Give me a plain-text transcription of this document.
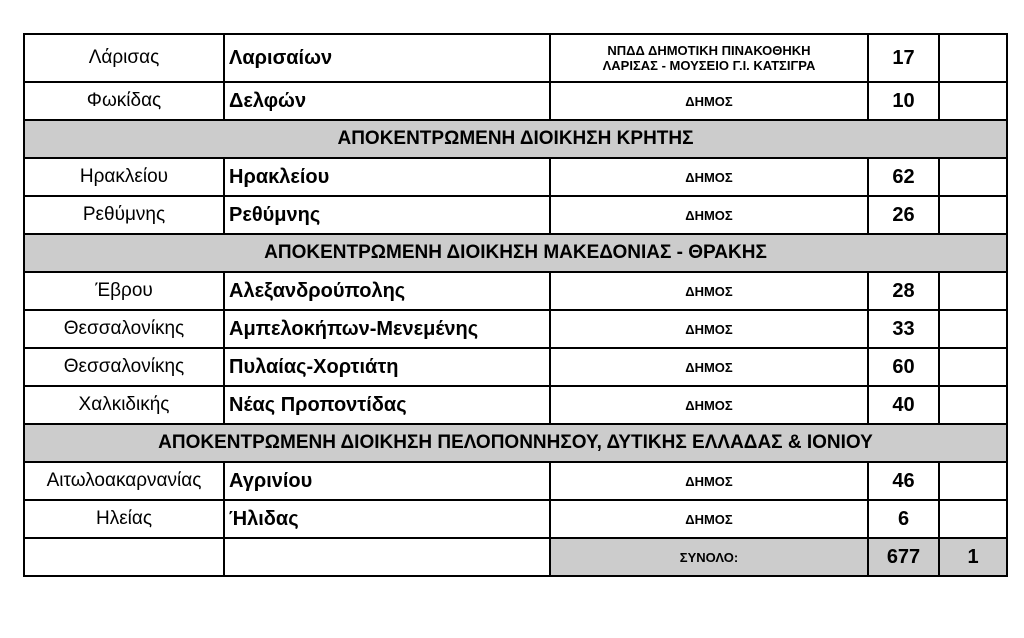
Λάρισας	Λαρισαίων	ΝΠΔΔ ΔΗΜΟΤΙΚΗ ΠΙΝΑΚΟΘΗΚΗ
ΛΑΡΙΣΑΣ - ΜΟΥΣΕΙΟ Γ.Ι. ΚΑΤΣΙΓΡΑ	17	
Φωκίδας	Δελφών	ΔΗΜΟΣ	10	
ΑΠΟΚΕΝΤΡΩΜΕΝΗ ΔΙΟΙΚΗΣΗ ΚΡΗΤΗΣ				
Ηρακλείου	Ηρακλείου	ΔΗΜΟΣ	62	
Ρεθύμνης	Ρεθύμνης	ΔΗΜΟΣ	26	
ΑΠΟΚΕΝΤΡΩΜΕΝΗ ΔΙΟΙΚΗΣΗ ΜΑΚΕΔΟΝΙΑΣ - ΘΡΑΚΗΣ				
Έβρου	Αλεξανδρούπολης	ΔΗΜΟΣ	28	
Θεσσαλονίκης	Αμπελοκήπων-Μενεμένης	ΔΗΜΟΣ	33	
Θεσσαλονίκης	Πυλαίας-Χορτιάτη	ΔΗΜΟΣ	60	
Χαλκιδικής	Νέας Προποντίδας	ΔΗΜΟΣ	40	
ΑΠΟΚΕΝΤΡΩΜΕΝΗ ΔΙΟΙΚΗΣΗ ΠΕΛΟΠΟΝΝΗΣΟΥ, ΔΥΤΙΚΗΣ ΕΛΛΑΔΑΣ & ΙΟΝΙΟΥ				
Αιτωλοακαρνανίας	Αγρινίου	ΔΗΜΟΣ	46	
Ηλείας	Ήλιδας	ΔΗΜΟΣ	6	
		ΣΥΝΟΛΟ:	677	1
